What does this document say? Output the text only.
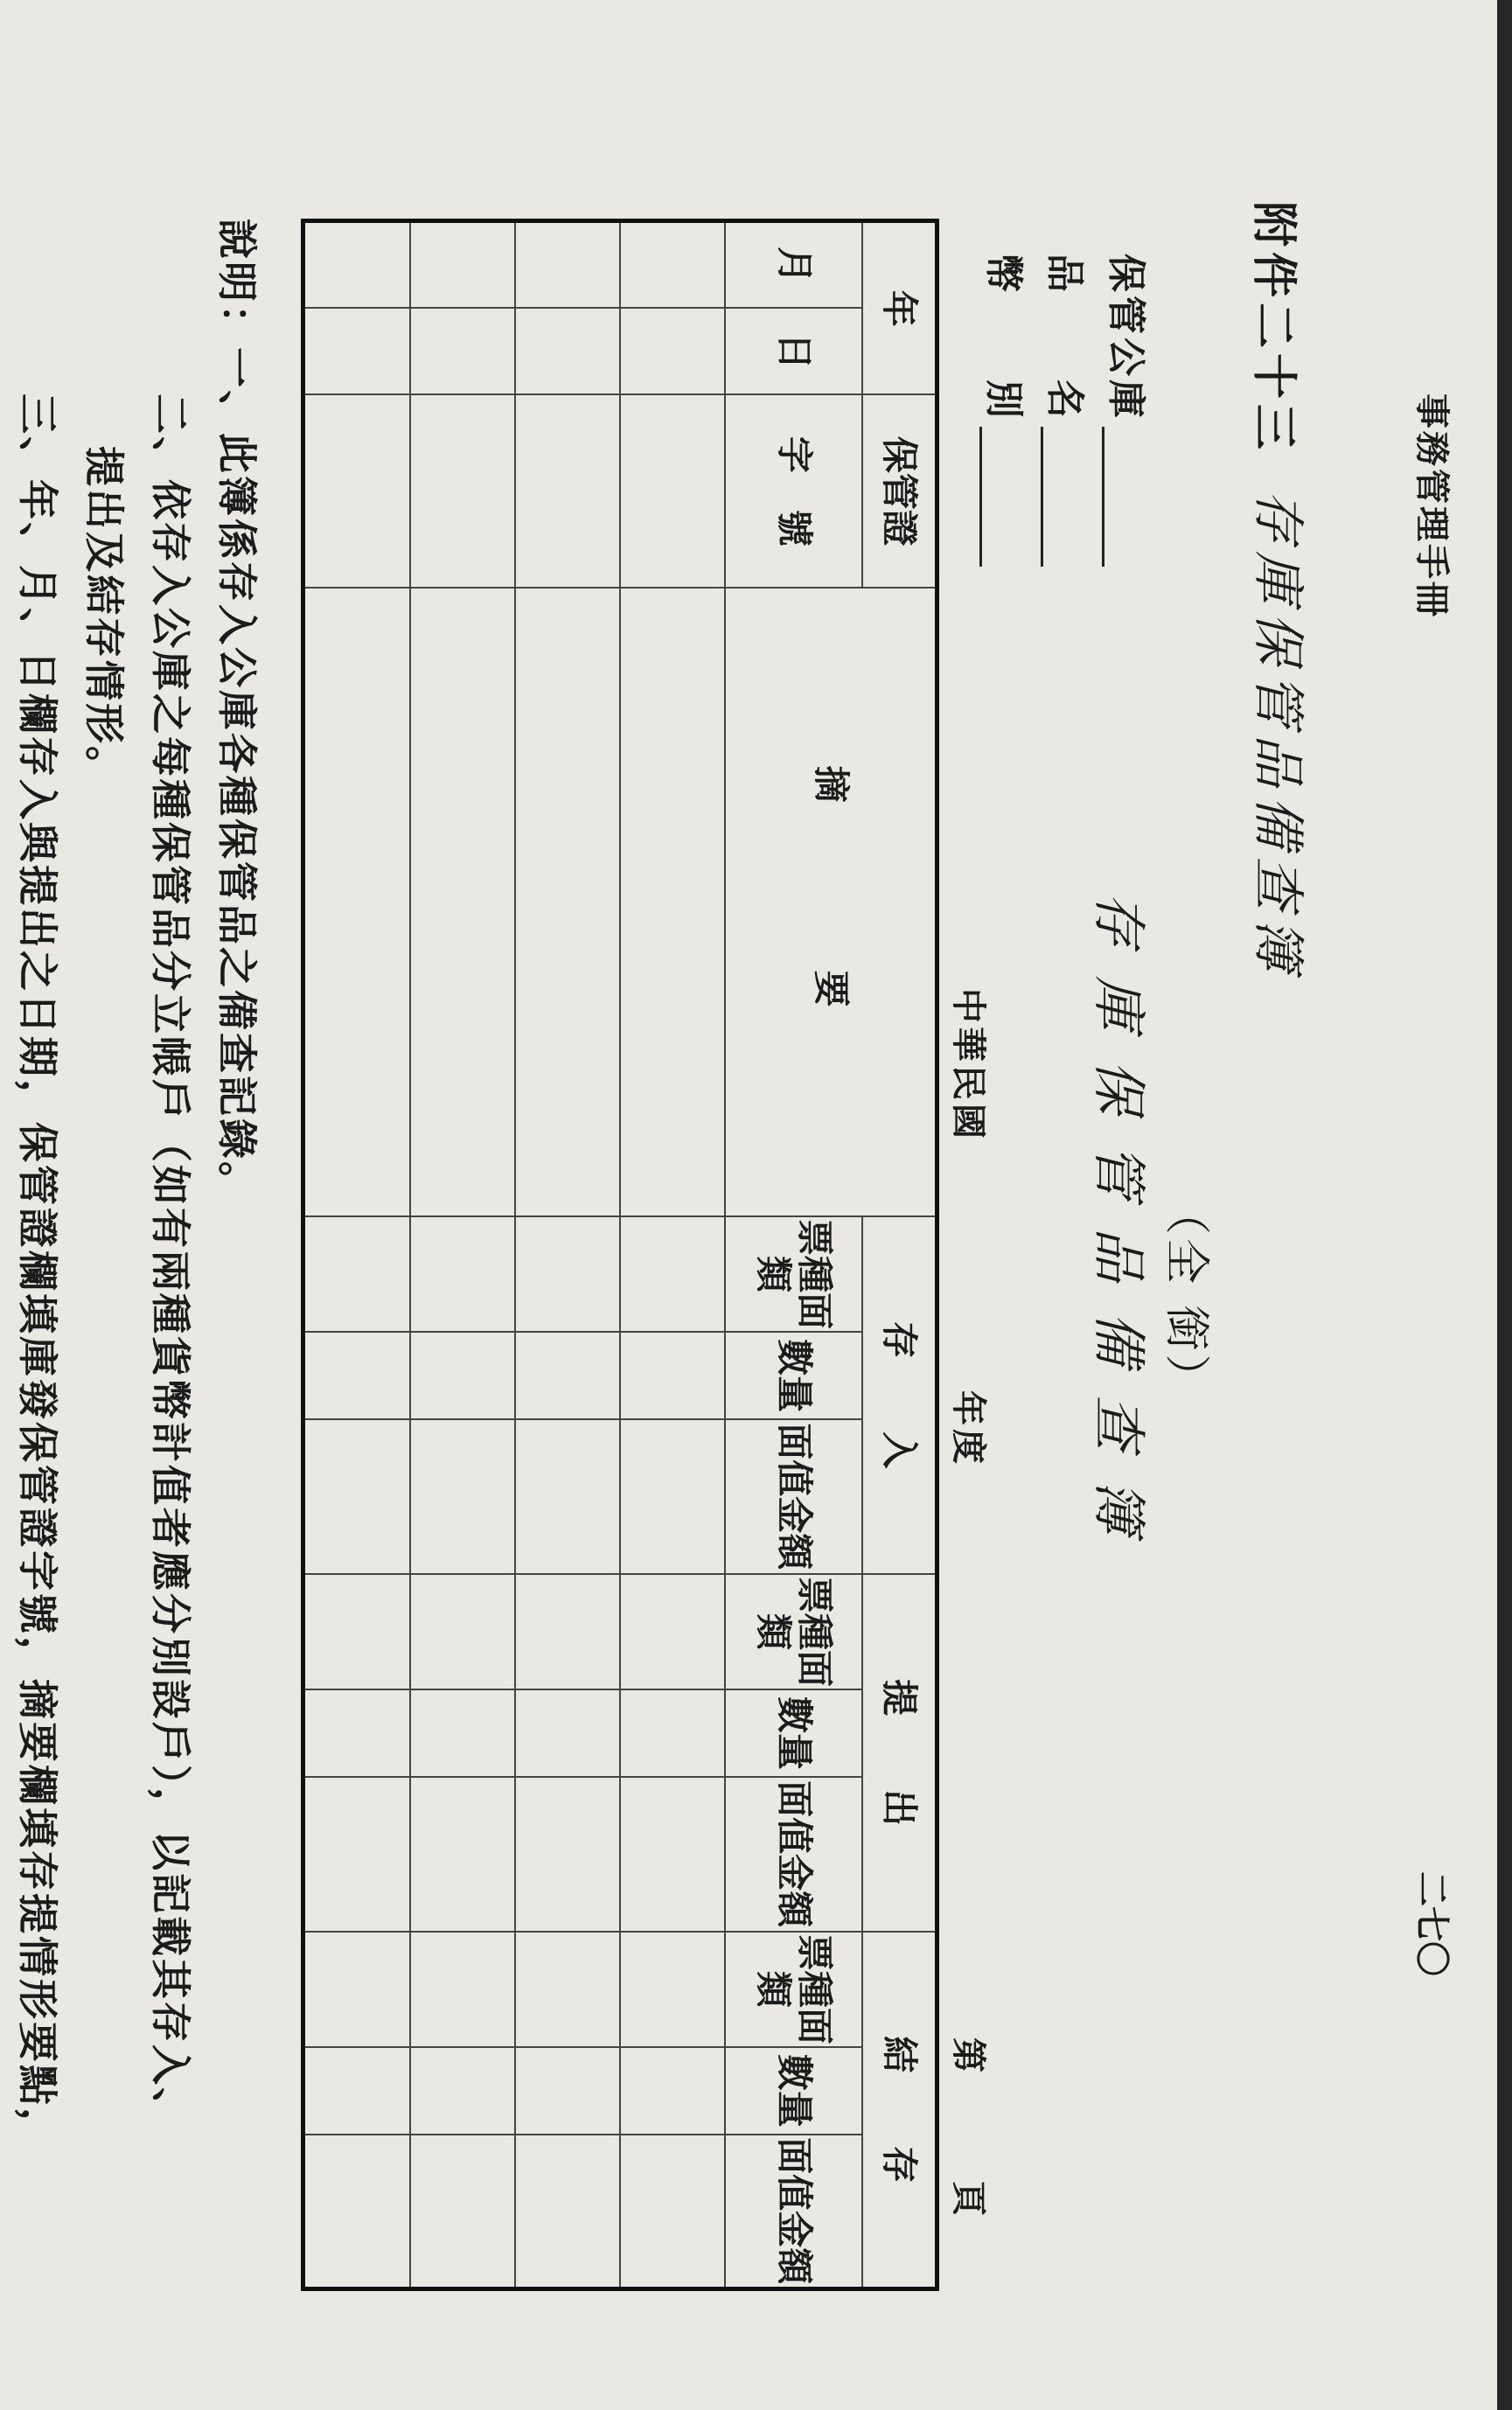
事務管理手冊
二七〇
附件二十三
存庫保管品備查簿
（全 銜）
存庫保管品備查簿
保管公庫
品　　名
幣　　別
中華民國
年度
第頁
年		保管證	摘　　要	存　　入			提　　出			結　　存		
月	日	字　號		票種面類	數量	面值金額	票種面類	數量	面值金額	票種面類	數量	面值金額

說明：一、此簿係存入公庫各種保管品之備查記錄。
二、依存入公庫之每種保管品分立帳戶（如有兩種貨幣計值者應分別設戶），以記載其存入、
提出及結存情形。
三、年、月、日欄存入與提出之日期，保管證欄填庫發保管證字號，摘要欄填存提情形要點，
